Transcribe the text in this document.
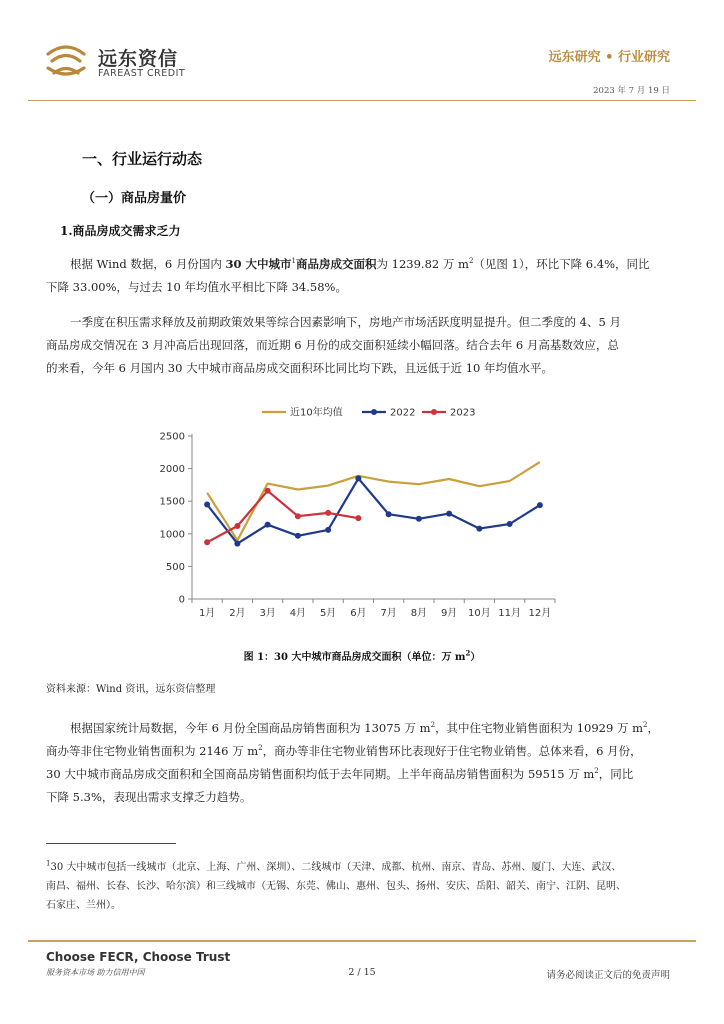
远东资信
FAREAST CREDIT
远东研究 • 行业研究
2023 年 7 月 19 日
一、行业运行动态
（一）商品房量价
1.商品房成交需求乏力
根据 Wind 数据，6 月份国内 30 大中城市$^1$商品房成交面积为 1239.82 万 $m^2$（见图 1），环比下降 6.4%，同比
下降 33.00%，与过去 10 年均值水平相比下降 34.58%。
一季度在积压需求释放及前期政策效果等综合因素影响下，房地产市场活跃度明显提升。但二季度的 4、5 月
商品房成交情况在 3 月冲高后出现回落，而近期 6 月份的成交面积延续小幅回落。结合去年 6 月高基数效应，总
的来看，今年 6 月国内 30 大中城市商品房成交面积环比同比均下跌，且远低于近 10 年均值水平。
0
500
1000
1500
2000
2500
1月 2月 3月 4月 5月 6月 7月 8月 9月 10月 11月 12月
近10年均值	2022	2023
图 1：30 大中城市商品房成交面积（单位：万 $m^2$）
资料来源：Wind 资讯，远东资信整理
根据国家统计局数据，今年 6 月份全国商品房销售面积为 13075 万 $m^2$，其中住宅物业销售面积为 10929 万 $m^2$，
商办等非住宅物业销售面积为 2146 万 $m^2$，商办等非住宅物业销售环比表现好于住宅物业销售。总体来看，6 月份，
30 大中城市商品房成交面积和全国商品房销售面积均低于去年同期。上半年商品房销售面积为 59515 万 $m^2$，同比
下降 5.3%，表现出需求支撑乏力趋势。
$^1$30 大中城市包括一线城市（北京、上海、广州、深圳）、二线城市（天津、成都、杭州、南京、青岛、苏州、厦门、大连、武汉、
南昌、福州、长春、长沙、哈尔滨）和三线城市（无锡、东莞、佛山、惠州、包头、扬州、安庆、岳阳、韶关、南宁、江阴、昆明、
石家庄、兰州）。
Choose FECR, Choose Trust
服务资本市场 助力信用中国	2 / 15	请务必阅读正文后的免责声明
